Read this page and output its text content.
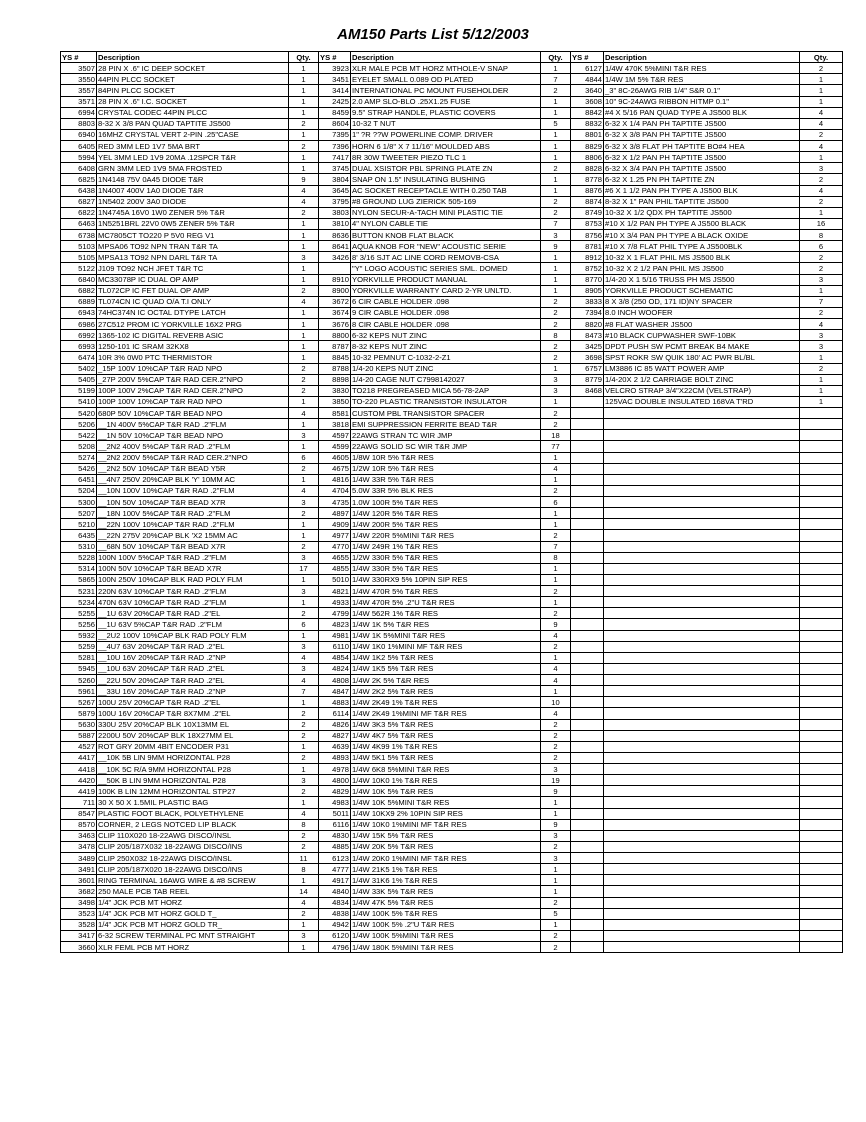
AM150 Parts List 5/12/2003
YS #	Description	Qty.	YS #	Description	Qty.	YS #	Description	Qty.
3507	28 PIN X .6" IC DEEP SOCKET	1	3923	XLR MALE PCB MT HORZ MTHOLE-V SNAP	1	6127	1/4W 470K 5%MINI T&R RES	2
3550	44PIN PLCC SOCKET	1	3451	EYELET SMALL 0.089 OD PLATED	7	4844	1/4W 1M 5% T&R RES	1
3557	84PIN PLCC SOCKET	1	3414	INTERNATIONAL PC MOUNT FUSEHOLDER	2	3640	_3" 8C-26AWG RIB 1/4" S&R 0.1"	1
3571	28 PIN X .6" I.C. SOCKET	1	2425	2.0 AMP SLO-BLO .25X1.25 FUSE	1	3608	10" 9C-24AWG RIBBON HITMP 0.1"	1
6994	CRYSTAL CODEC 44PIN PLCC	1	8459	9.5" STRAP HANDLE, PLASTIC COVERS	1	8842	#4 X 5/16 PAN QUAD TYPE A JS500 BLK	4
8803	8-32 X 3/8 PAN QUAD TAPTITE JS500	2	8604	10-32 T NUT	5	8832	6-32 X 1/4 PAN PH TAPTITE JS500	4
6940	16MHZ CRYSTAL VERT 2-PIN .25"CASE	1	7395	1" ?R ??W POWERLINE COMP. DRIVER	1	8801	6-32 X 3/8 PAN PH TAPTITE JS500	2
6405	RED 3MM LED 1V7 5MA BRT	2	7396	HORN 6 1/8" X 7 11/16" MOULDED ABS	1	8829	6-32 X 3/8 FLAT PH TAPTITE BO#4 HEA	4
5994	YEL 3MM LED 1V9 20MA .12SPCR T&R	1	7417	8R 30W TWEETER PIEZO TLC 1	1	8806	6-32 X 1/2 PAN PH TAPTITE JS500	1
6408	GRN 3MM LED 1V9 5MA FROSTED	1	3745	DUAL XSISTOR PBL SPRING PLATE ZN	2	8828	6-32 X 3/4 PAN PH TAPTITE JS500	3
6825	1N4148 75V 0A45 DIODE T&R	9	3804	SNAP ON 1.5" INSULATING BUSHING	1	8778	6-32 X 1.25 PN PH TAPTITE ZN	2
6438	1N4007 400V 1A0 DIODE T&R	4	3645	AC SOCKET RECEPTACLE WITH 0.250 TAB	1	8876	#6 X 1 1/2 PAN PH TYPE A JS500 BLK	4
6827	1N5402 200V 3A0 DIODE	4	3795	#8 GROUND LUG ZIERICK 505-169	2	8874	8-32 X 1" PAN PHIL TAPTITE JS500	2
6822	1N4745A 16V0 1W0 ZENER 5% T&R	2	3803	NYLON SECUR-A-TACH MINI PLASTIC TIE	2	8749	10-32 X 1/2 QDX PH TAPTITE JS500	1
6463	1N5251BRL 22V0 0W5 ZENER 5% T&R	1	3810	4" NYLON CABLE TIE	7	8753	#10 X 1/2 PAN PH TYPE A JS500 BLACK	16
6738	MC7805CT TO220 P 5V0 REG V1	1	8636	BUTTON KNOB FLAT BLACK	3	8756	#10 X 3/4 PAN PH TYPE A BLACK OXIDE	8
5103	MPSA06 TO92 NPN TRAN T&R TA	1	8641	AQUA KNOB FOR "NEW" ACOUSTIC SERIE	9	8781	#10 X 7/8 FLAT PHIL TYPE A JS500BLK	6
5105	MPSA13 TO92 NPN DARL T&R TA	3	3426	8' 3/16 SJT AC LINE CORD REMOVB-CSA	1	8912	10-32 X 1 FLAT PHIL MS JS500 BLK	2
5122	J109 TO92 NCH JFET T&R TC	1		"Y" LOGO ACOUSTIC SERIES SML. DOMED	1	8752	10-32 X 2 1/2 PAN PHIL MS JS500	2
6840	MC33078P IC DUAL OP AMP	1	8910	YORKVILLE PRODUCT MANUAL	1	8770	1/4-20 X 1 5/16 TRUSS PH MS JS500	3
6882	TL072CP IC FET DUAL OP AMP	2	8900	YORKVILLE WARRANTY CARD 2-YR UNLTD.	1	8905	YORKVILLE PRODUCT SCHEMATIC	1
6889	TL074CN IC QUAD O/A T.I ONLY	4	3672	6 CIR CABLE HOLDER .098	2	3833	8 X 3/8 (250 OD, 171 ID)NY SPACER	7
6943	74HC374N IC OCTAL DTYPE LATCH	1	3674	9 CIR CABLE HOLDER .098	2	7394	8.0 INCH WOOFER	2
6986	27C512 PROM IC YORKVILLE 16X2 PRG	1	3676	8 CIR CABLE HOLDER .098	2	8820	#8 FLAT WASHER JS500	4
6992	1365-102 IC DIGITAL REVERB ASIC	1	8800	6-32 KEPS NUT ZINC	8	8473	#10 BLACK CUPWASHER SWF-10BK	3
6993	1250-101 IC SRAM 32KX8	1	8787	8-32 KEPS NUT ZINC	2	3425	DPDT PUSH SW PCMT BREAK B4 MAKE	3
6474	10R 3% 0W0 PTC THERMISTOR	1	8845	10-32 PEMNUT C-1032-2-Z1	2	3698	SPST ROKR SW QUIK 180' AC PWR BL/BL	1
5402	_15P 100V 10%CAP T&R RAD NPO	2	8788	1/4-20 KEPS NUT ZINC	1	6757	LM3886 IC 85 WATT POWER AMP	2
5405	_27P 200V 5%CAP T&R RAD CER.2"NPO	2	8898	1/4-20 CAGE NUT C7998142027	3	8779	1/4-20X 2 1/2 CARRIAGE BOLT ZINC	1
5199	100P 100V 2%CAP T&R RAD CER.2"NPO	2	3830	TO218 PREGREASED MICA 56-78-2AP	3	8468	VELCRO STRAP 3/4"X22CM (VELSTRAP)	1
5410	100P 100V 10%CAP T&R RAD NPO	1	3850	TO-220 PLASTIC TRANSISTOR INSULATOR	1		125VAC DOUBLE INSULATED 168VA T'RD	1
5420	680P 50V 10%CAP T&R BEAD NPO	4	8581	CUSTOM PBL TRANSISTOR SPACER	2			
5206	__1N 400V 5%CAP T&R RAD .2"FLM	1	3818	EMI SUPPRESSION FERRITE BEAD T&R	2			
5422	__1N 50V 10%CAP T&R BEAD NPO	3	4597	22AWG STRAN TC WIR JMP	18			
5208	__2N2 400V 5%CAP T&R RAD .2"FLM	1	4599	22AWG SOLID SC WIR T&R JMP	77			
5274	__2N2 200V 5%CAP T&R RAD CER.2"NPO	6	4605	1/8W 10R 5% T&R RES	1			
5426	__2N2 50V 10%CAP T&R BEAD Y5R	2	4675	1/2W 10R 5% T&R RES	4			
6451	__4N7 250V 20%CAP BLK 'Y' 10MM AC	1	4816	1/4W 33R 5% T&R RES	1			
5204	__10N 100V 10%CAP T&R RAD .2"FLM	4	4704	5.0W 33R 5% BLK RES	2			
5300	__10N 50V 10%CAP T&R BEAD X7R	3	4735	1.0W 100R 5% T&R RES	6			
5207	__18N 100V 5%CAP T&R RAD .2"FLM	2	4897	1/4W 120R 5% T&R RES	1			
5210	__22N 100V 10%CAP T&R RAD .2"FLM	1	4909	1/4W 200R 5% T&R RES	1			
6435	__22N 275V 20%CAP BLK 'X2 15MM AC	1	4977	1/4W 220R 5%MINI T&R RES	2			
5310	__68N 50V 10%CAP T&R BEAD X7R	2	4770	1/4W 249R 1% T&R RES	7			
5228	100N 100V 5%CAP T&R RAD .2"FLM	3	4655	1/2W 330R 5% T&R RES	8			
5314	100N 50V 10%CAP T&R BEAD X7R	17	4855	1/4W 330R 5% T&R RES	1			
5865	100N 250V 10%CAP BLK RAD POLY FLM	1	5010	1/4W 330RX9 5% 10PIN SIP RES	1			
5231	220N 63V 10%CAP T&R RAD .2"FLM	3	4821	1/4W 470R 5% T&R RES	2			
5234	470N 63V 10%CAP T&R RAD .2"FLM	1	4933	1/4W 470R 5% .2"U T&R RES	1			
5255	__1U 63V 20%CAP T&R RAD .2"EL	2	4799	1/4W 562R 1% T&R RES	2			
5256	__1U 63V 5%CAP T&R RAD .2"FLM	6	4823	1/4W 1K 5% T&R RES	9			
5932	__2U2 100V 10%CAP BLK RAD POLY FLM	1	4981	1/4W 1K 5%MINI T&R RES	4			
5259	__4U7 63V 20%CAP T&R RAD .2"EL	3	6110	1/4W 1K0 1%MINI MF T&R RES	2			
5281	__10U 16V 20%CAP T&R RAD .2"NP	4	4854	1/4W 1K2 5% T&R RES	1			
5945	__10U 63V 20%CAP T&R RAD .2"EL	3	4824	1/4W 1K5 5% T&R RES	4			
5260	__22U 50V 20%CAP T&R RAD .2"EL	4	4808	1/4W 2K 5% T&R RES	4			
5961	__33U 16V 20%CAP T&R RAD .2"NP	7	4847	1/4W 2K2 5% T&R RES	1			
5267	100U 25V 20%CAP T&R RAD .2"EL	1	4883	1/4W 2K49 1% T&R RES	10			
5879	100U 16V 20%CAP T&R 8X7MM .2"EL	2	6114	1/4W 2K49 1%MINI MF T&R RES	4			
5630	330U 25V 20%CAP BLK 10X13MM EL	2	4826	1/4W 3K3 5% T&R RES	2			
5887	2200U 50V 20%CAP BLK 18X27MM EL	2	4827	1/4W 4K7 5% T&R RES	2			
4527	ROT GRY 20MM 4BIT ENCODER P31	1	4639	1/4W 4K99 1% T&R RES	2			
4417	__10K 5B LIN 9MM HORIZONTAL P28	2	4893	1/4W 5K1 5% T&R RES	2			
4418	__10K 5C R/A 9MM HORIZONTAL P28	1	4978	1/4W 6K8 5%MINI T&R RES	3			
4420	__50K B LIN 9MM HORIZONTAL P28	3	4800	1/4W 10K0 1% T&R RES	19			
4419	100K B LIN 12MM HORIZONTAL STP27	2	4829	1/4W 10K 5% T&R RES	9			
711	30 X 50 X 1.5MIL PLASTIC BAG	1	4983	1/4W 10K 5%MINI T&R RES	1			
8547	PLASTIC FOOT BLACK, POLYETHYLENE	4	5011	1/4W 10KX9 2% 10PIN SIP RES	1			
8570	CORNER, 2 LEGS NOTCED LIP BLACK	8	6116	1/4W 10K0 1%MINI MF T&R RES	9			
3463	CLIP 110X020 18-22AWG DISCO/INSL	2	4830	1/4W 15K 5% T&R RES	3			
3478	CLIP 205/187X032 18-22AWG DISCO/INS	2	4885	1/4W 20K 5% T&R RES	2			
3489	CLIP 250X032 18-22AWG DISCO/INSL	11	6123	1/4W 20K0 1%MINI MF T&R RES	3			
3491	CLIP 205/187X020 18-22AWG DISCO/INS	8	4777	1/4W 21K5 1% T&R RES	1			
3601	RING TERMINAL 16AWG WIRE & #8 SCREW	1	4917	1/4W 31K6 1% T&R RES	1			
3682	250 MALE PCB TAB REEL	14	4840	1/4W 33K 5% T&R RES	1			
3498	1/4" JCK PCB MT HORZ	4	4834	1/4W 47K 5% T&R RES	2			
3523	1/4" JCK PCB MT HORZ GOLD T_	2	4838	1/4W 100K 5% T&R RES	5			
3528	1/4" JCK PCB MT HORZ GOLD TR_	1	4942	1/4W 100K 5% .2"U T&R RES	1			
3417	6-32 SCREW TERMINAL PC MNT STRAIGHT	3	6120	1/4W 100K 5%MINI T&R RES	2			
3660	XLR FEML PCB MT HORZ	1	4796	1/4W 180K 5%MINI T&R RES	2			
